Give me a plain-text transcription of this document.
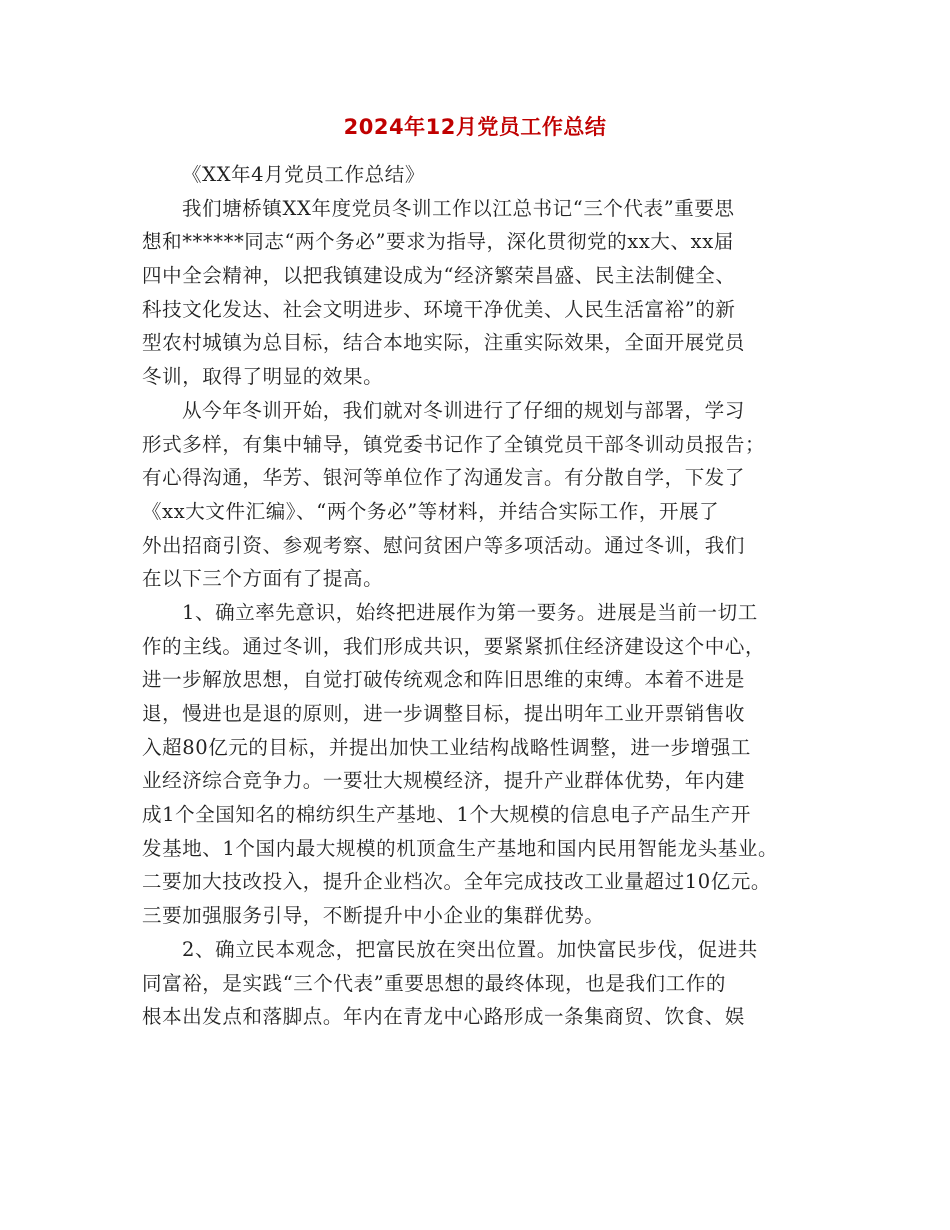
2024年12月党员工作总结
《XX年4月党员工作总结》
我们塘桥镇XX年度党员冬训工作以江总书记“三个代表”重要思
想和******同志“两个务必”要求为指导，深化贯彻党的xx大、xx届
四中全会精神，以把我镇建设成为“经济繁荣昌盛、民主法制健全、
科技文化发达、社会文明进步、环境干净优美、人民生活富裕”的新
型农村城镇为总目标，结合本地实际，注重实际效果，全面开展党员
冬训，取得了明显的效果。
从今年冬训开始，我们就对冬训进行了仔细的规划与部署，学习
形式多样，有集中辅导，镇党委书记作了全镇党员干部冬训动员报告；
有心得沟通，华芳、银河等单位作了沟通发言。有分散自学，下发了
《xx大文件汇编》、“两个务必”等材料，并结合实际工作，开展了
外出招商引资、参观考察、慰问贫困户等多项活动。通过冬训，我们
在以下三个方面有了提高。
1、确立率先意识，始终把进展作为第一要务。进展是当前一切工
作的主线。通过冬训，我们形成共识，要紧紧抓住经济建设这个中心，
进一步解放思想，自觉打破传统观念和阵旧思维的束缚。本着不进是
退，慢进也是退的原则，进一步调整目标，提出明年工业开票销售收
入超80亿元的目标，并提出加快工业结构战略性调整，进一步增强工
业经济综合竞争力。一要壮大规模经济，提升产业群体优势，年内建
成1个全国知名的棉纺织生产基地、1个大规模的信息电子产品生产开
发基地、1个国内最大规模的机顶盒生产基地和国内民用智能龙头基业。
二要加大技改投入，提升企业档次。全年完成技改工业量超过10亿元。
三要加强服务引导，不断提升中小企业的集群优势。
2、确立民本观念，把富民放在突出位置。加快富民步伐，促进共
同富裕，是实践“三个代表”重要思想的最终体现，也是我们工作的
根本出发点和落脚点。年内在青龙中心路形成一条集商贸、饮食、娱
